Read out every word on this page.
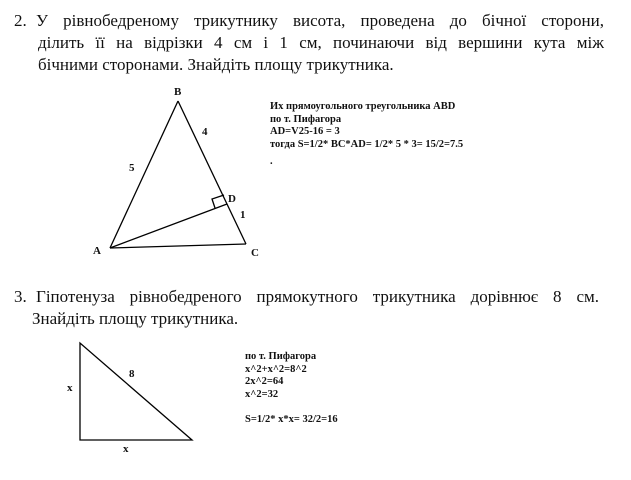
2. У рівнобедреному трикутнику висота, проведена до бічної сторони,
ділить її на відрізки 4 см і 1 см, починаючи від вершини кута між
бічними сторонами. Знайдіть площу трикутника.
B
A	C
D
5
4
1
Их прямоугольного треугольника ABD
по т. Пифагора
AD=V25-16 = 3
тогда S=1/2* BC*AD= 1/2* 5 * 3= 15/2=7.5
.
3. Гіпотенуза рівнобедреного прямокутного трикутника дорівнює 8 см.
Знайдіть площу трикутника.
x
x
8
по т. Пифагора
x^2+x^2=8^2
2x^2=64
x^2=32
S=1/2* x*x= 32/2=16
